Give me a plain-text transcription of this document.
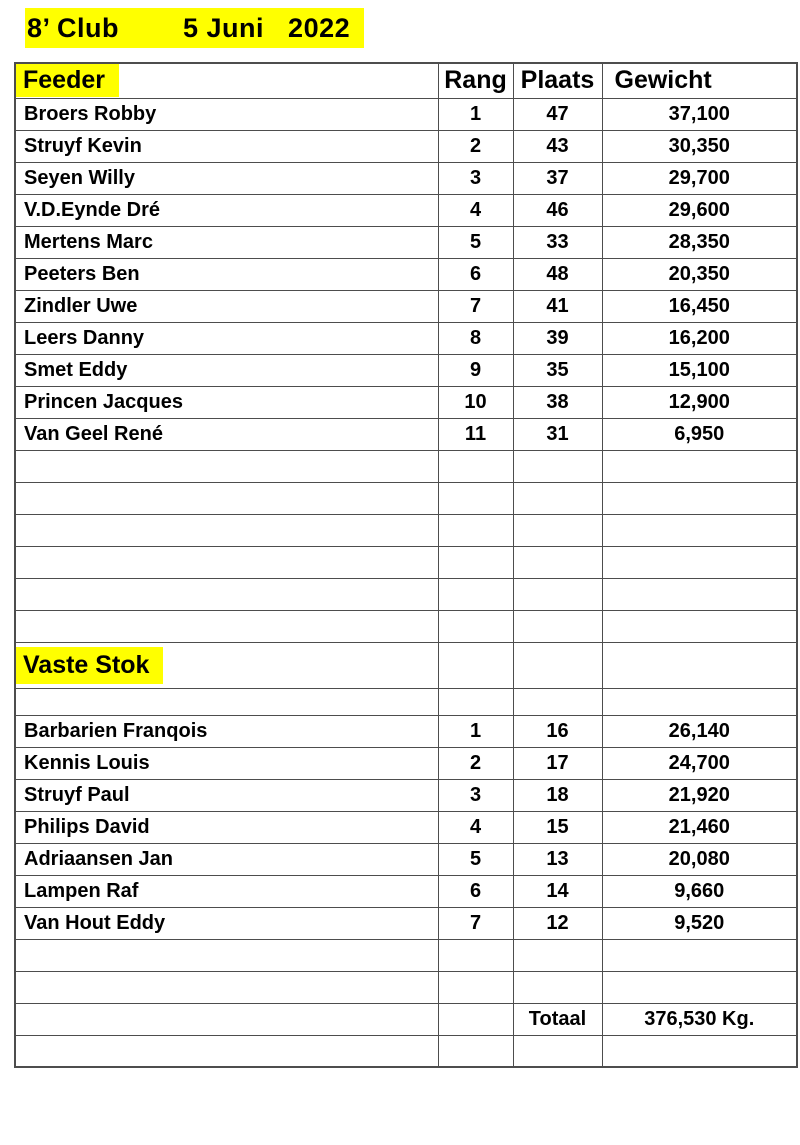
8’ Club        5 Juni   2022
Feeder	Rang	Plaats	Gewicht
Broers Robby	1	47	37,100
Struyf Kevin	2	43	30,350
Seyen Willy	3	37	29,700
V.D.Eynde Dré	4	46	29,600
Mertens Marc	5	33	28,350
Peeters Ben	6	48	20,350
Zindler Uwe	7	41	16,450
Leers Danny	8	39	16,200
Smet Eddy	9	35	15,100
Princen Jacques	10	38	12,900
Van Geel René	11	31	6,950

Vaste Stok			

Barbarien Franqois	1	16	26,140
Kennis Louis	2	17	24,700
Struyf Paul	3	18	21,920
Philips David	4	15	21,460
Adriaansen Jan	5	13	20,080
Lampen Raf	6	14	9,660
Van Hout Eddy	7	12	9,520

		Totaal	376,530 Kg.
